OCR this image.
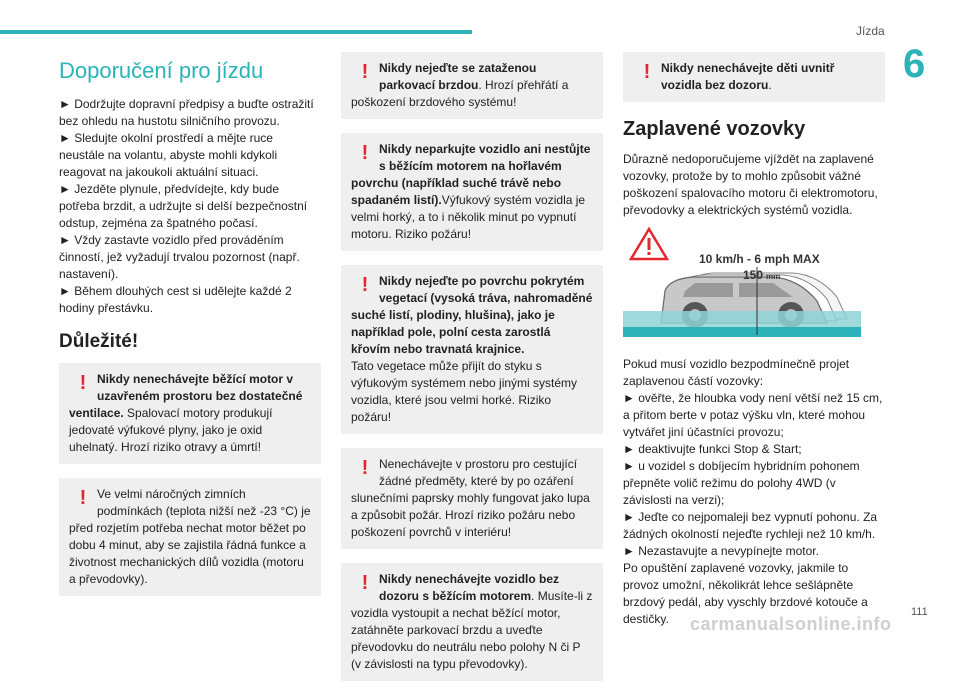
Jízda
6
Doporučení pro jízdu
► Dodržujte dopravní předpisy a buďte ostražití bez ohledu na hustotu silničního provozu.
► Sledujte okolní prostředí a mějte ruce neustále na volantu, abyste mohli kdykoli reagovat na jakoukoli aktuální situaci.
► Jezděte plynule, předvídejte, kdy bude potřeba brzdit, a udržujte si delší bezpečnostní odstup, zejména za špatného počasí.
► Vždy zastavte vozidlo před prováděním činností, jež vyžadují trvalou pozornost (např. nastavení).
► Během dlouhých cest si udělejte každé 2 hodiny přestávku.
Důležité!
! Nikdy nenechávejte běžící motor v uzavřeném prostoru bez dostatečné ventilace. Spalovací motory produkují jedovaté výfukové plyny, jako je oxid uhelnatý. Hrozí riziko otravy a úmrtí!
! Ve velmi náročných zimních podmínkách (teplota nižší než -23 °C) je před rozjetím potřeba nechat motor běžet po dobu 4 minut, aby se zajistila řádná funkce a životnost mechanických dílů vozidla (motoru a převodovky).
! Nikdy nejeďte se zataženou parkovací brzdou. Hrozí přehřátí a poškození brzdového systému!
! Nikdy neparkujte vozidlo ani nestůjte s běžícím motorem na hořlavém povrchu (například suché trávě nebo spadaném listí).Výfukový systém vozidla je velmi horký, a to i několik minut po vypnutí motoru. Riziko požáru!
! Nikdy nejeďte po povrchu pokrytém vegetací (vysoká tráva, nahromaděné suché listí, plodiny, hlušina), jako je například pole, polní cesta zarostlá křovím nebo travnatá krajnice.
Tato vegetace může přijít do styku s výfukovým systémem nebo jinými systémy vozidla, které jsou velmi horké. Riziko požáru!
! Nenechávejte v prostoru pro cestující žádné předměty, které by po ozáření slunečními paprsky mohly fungovat jako lupa a způsobit požár. Hrozí riziko požáru nebo poškození povrchů v interiéru!
! Nikdy nenechávejte vozidlo bez dozoru s běžícím motorem. Musíte-li z vozidla vystoupit a nechat běžící motor, zatáhněte parkovací brzdu a uveďte převodovku do neutrálu nebo polohy N či P (v závislosti na typu převodovky).
! Nikdy nenechávejte děti uvnitř vozidla bez dozoru.
Zaplavené vozovky
Důrazně nedoporučujeme vjíždět na zaplavené vozovky, protože by to mohlo způsobit vážné poškození spalovacího motoru či elektromotoru, převodovky a elektrických systémů vozidla.
10 km/h - 6 mph MAX
150 mm
Pokud musí vozidlo bezpodmínečně projet zaplavenou částí vozovky:
► ověřte, že hloubka vody není větší než 15 cm, a přitom berte v potaz výšku vln, které mohou vytvářet jiní účastníci provozu;
► deaktivujte funkci Stop & Start;
► u vozidel s dobíjecím hybridním pohonem přepněte volič režimu do polohy 4WD (v závislosti na verzi);
► Jeďte co nejpomaleji bez vypnutí pohonu. Za žádných okolností nejeďte rychleji než 10 km/h.
► Nezastavujte a nevypínejte motor.
Po opuštění zaplavené vozovky, jakmile to provoz umožní, několikrát lehce sešlápněte brzdový pedál, aby vyschly brzdové kotouče a destičky.	111
carmanualsonline.info
